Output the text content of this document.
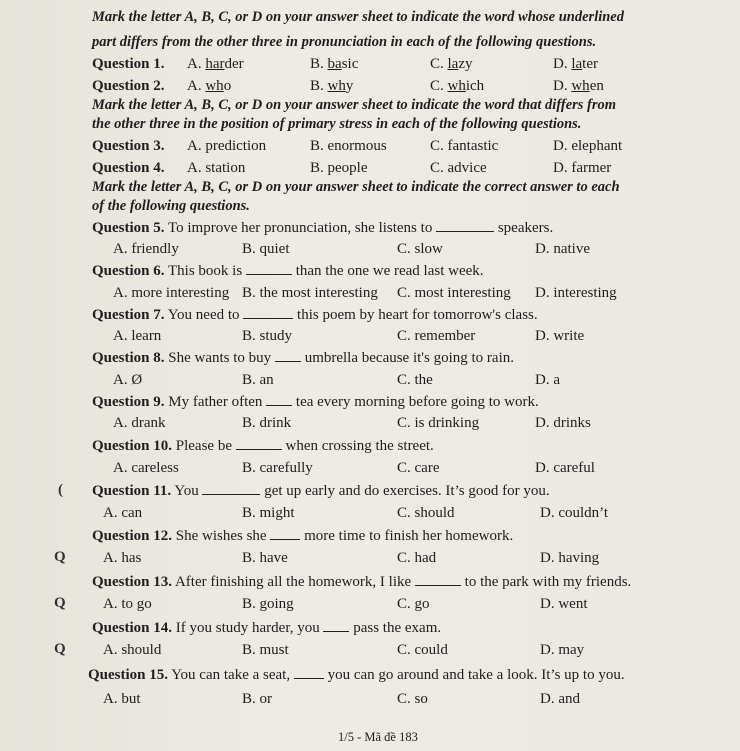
Mark the letter A, B, C, or D on your answer sheet to indicate the word whose underlined
part differs from the other three in pronunciation in each of the following questions.
Question 1. A. harder	B. basic	C. lazy	D. later
Question 2. A. who	B. why	C. which	D. when
Mark the letter A, B, C, or D on your answer sheet to indicate the word that differs from
the other three in the position of primary stress in each of the following questions.
Question 3. A. prediction	B. enormous	C. fantastic	D. elephant
Question 4. A. station	B. people	C. advice	D. farmer
Mark the letter A, B, C, or D on your answer sheet to indicate the correct answer to each
of the following questions.
Question 5. To improve her pronunciation, she listens to	speakers.
A. friendly	B. quiet	C. slow	D. native
Question 6. This book is	than the one we read last week.
A. more interesting B. the most interesting C. most interesting D. interesting
Question 7. You need to	this poem by heart for tomorrow's class.
A. learn	B. study	C. remember	D. write
Question 8. She wants to buy umbrella because it's going to rain.
A. Ø	B. an	C. the	D. a
Question 9. My father often tea every morning before going to work.
A. drank	B. drink	C. is drinking	D. drinks
Question 10. Please be	when crossing the street.
A. careless	B. carefully	C. care	D. careful
Question 11. You	get up early and do exercises. It’s good for you.
A. can	B. might	C. should	D. couldn’t
Question 12. She wishes she	more time to finish her homework.
A. has	B. have	C. had	D. having
Question 13. After finishing all the homework, I like	to the park with my friends.
A. to go	B. going	C. go	D. went
Question 14. If you study harder, you pass the exam.
A. should	B. must	C. could	D. may
Question 15. You can take a seat,	you can go around and take a look. It’s up to you.
A. but	B. or	C. so	D. and
(
Q
Q
Q
1/5 - Mã đề 183
